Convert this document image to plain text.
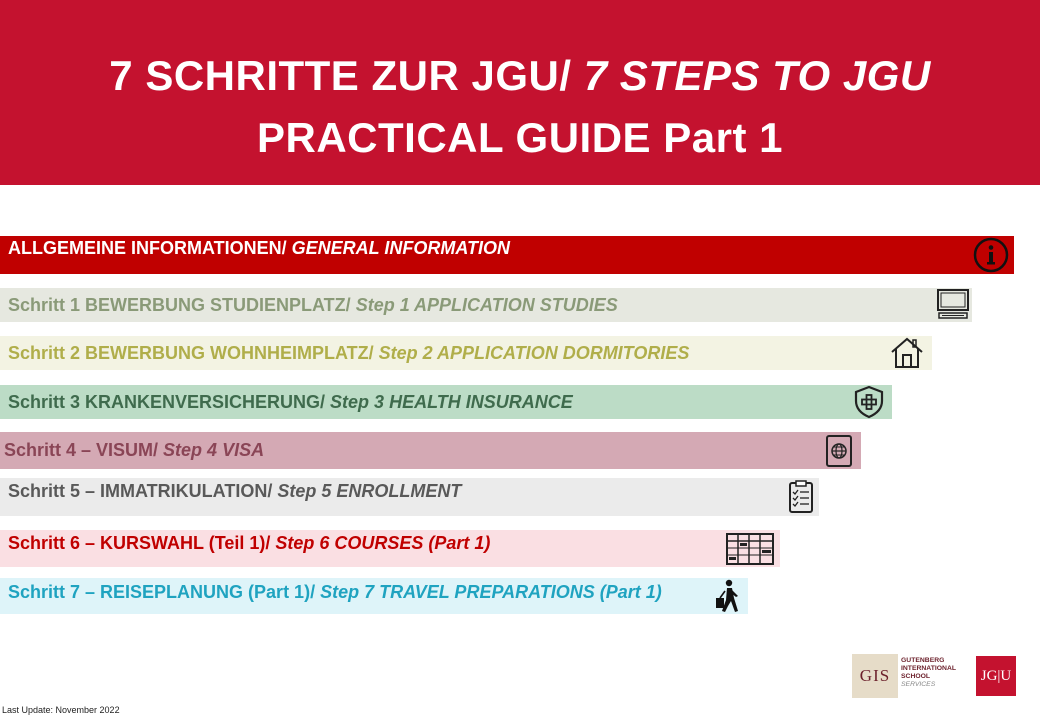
7 SCHRITTE ZUR JGU/ 7 STEPS TO JGU
PRACTICAL GUIDE Part 1
ALLGEMEINE INFORMATIONEN/ GENERAL INFORMATION
Schritt 1 BEWERBUNG STUDIENPLATZ/ Step 1 APPLICATION STUDIES
Schritt 2 BEWERBUNG WOHNHEIMPLATZ/ Step 2 APPLICATION DORMITORIES
Schritt 3 KRANKENVERSICHERUNG/ Step 3 HEALTH INSURANCE
Schritt 4 – VISUM/ Step 4 VISA
Schritt 5 – IMMATRIKULATION/ Step 5 ENROLLMENT
Schritt 6 – KURSWAHL (Teil 1)/ Step 6 COURSES (Part 1)
Schritt 7 – REISEPLANUNG (Part 1)/ Step 7 TRAVEL PREPARATIONS (Part 1)
Last Update: November 2022
GIS
GUTENBERG
INTERNATIONAL
SCHOOL
SERVICES
JG|U
